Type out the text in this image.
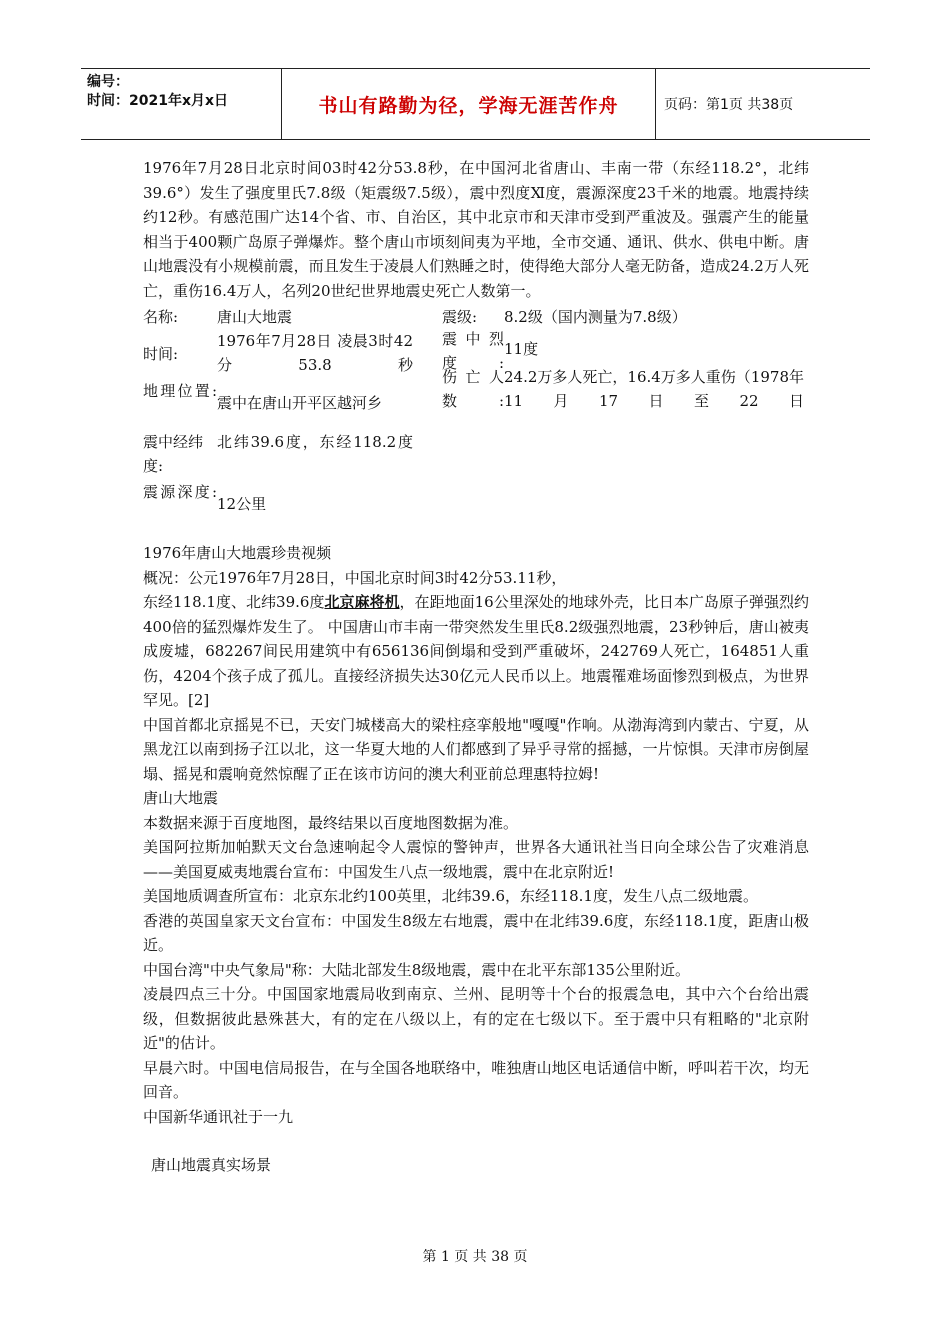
编号：
时间：2021年x月x日	书山有路勤为径，学海无涯苦作舟	页码：第1页 共38页

1976年7月28日北京时间03时42分53.8秒，在中国河北省唐山、丰南一带（东经118.2°，北纬39.6°）发生了强度里氏7.8级（矩震级7.5级），震中烈度Ⅺ度，震源深度23千米的地震。地震持续约12秒。有感范围广达14个省、市、自治区，其中北京市和天津市受到严重波及。强震产生的能量相当于400颗广岛原子弹爆炸。整个唐山市顷刻间夷为平地，全市交通、通讯、供水、供电中断。唐山地震没有小规模前震，而且发生于凌晨人们熟睡之时，使得绝大部分人毫无防备，造成24.2万人死亡，重伤16.4万人，名列20世纪世界地震史死亡人数第一。

名称:	唐山大地震
时间:
1976年7月28日 凌晨3时42分53.8秒
地理位置:
震中在唐山开平区越河乡
震中经纬度:
北纬39.6度，东经118.2度
震源深度:
12公里
震级:	8.2级（国内测量为7.8级）
震中烈度:
11度
伤亡人数:
24.2万多人死亡，16.4万多人重伤（1978年11月17日至22日

1976年唐山大地震珍贵视频

概况：公元1976年7月28日，中国北京时间3时42分53.11秒，

东经118.1度、北纬39.6度北京麻将机，在距地面16公里深处的地球外壳，比日本广岛原子弹强烈约400倍的猛烈爆炸发生了。 中国唐山市丰南一带突然发生里氏8.2级强烈地震，23秒钟后，唐山被夷成废墟，682267间民用建筑中有656136间倒塌和受到严重破坏，242769人死亡，164851人重伤，4204个孩子成了孤儿。直接经济损失达30亿元人民币以上。地震罹难场面惨烈到极点，为世界罕见。[2]

中国首都北京摇晃不已，天安门城楼高大的梁柱痉挛般地"嘎嘎"作响。从渤海湾到内蒙古、宁夏，从黑龙江以南到扬子江以北，这一华夏大地的人们都感到了异乎寻常的摇撼，一片惊惧。天津市房倒屋塌、摇晃和震响竟然惊醒了正在该市访问的澳大利亚前总理惠特拉姆!

唐山大地震

本数据来源于百度地图，最终结果以百度地图数据为准。

美国阿拉斯加帕默天文台急速响起令人震惊的警钟声，世界各大通讯社当日向全球公告了灾难消息——美国夏威夷地震台宣布：中国发生八点一级地震，震中在北京附近!

美国地质调查所宣布：北京东北约100英里，北纬39.6，东经118.1度，发生八点二级地震。

香港的英国皇家天文台宣布：中国发生8级左右地震，震中在北纬39.6度，东经118.1度，距唐山极近。

中国台湾"中央气象局"称：大陆北部发生8级地震，震中在北平东部135公里附近。

凌晨四点三十分。中国国家地震局收到南京、兰州、昆明等十个台的报震急电，其中六个台给出震级，但数据彼此悬殊甚大，有的定在八级以上，有的定在七级以下。至于震中只有粗略的"北京附近"的估计。

早晨六时。中国电信局报告，在与全国各地联络中，唯独唐山地区电话通信中断，呼叫若干次，均无回音。

中国新华通讯社于一九

唐山地震真实场景

第 1 页 共 38 页
